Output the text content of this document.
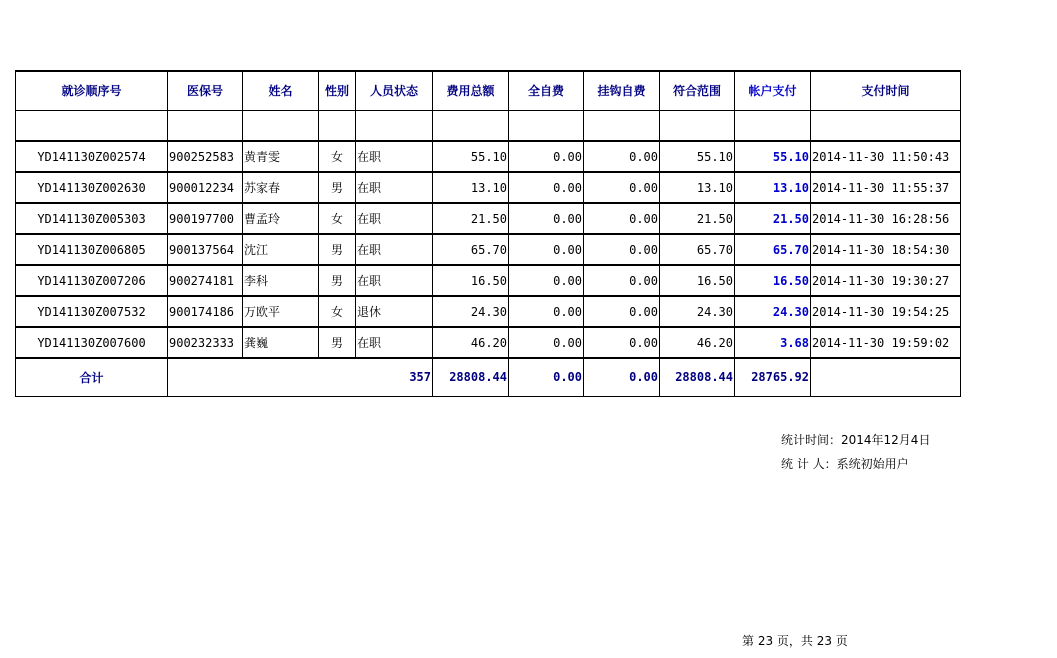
就诊顺序号	医保号	姓名	性别	人员状态	费用总额	全自费	挂钩自费	符合范围	帐户支付	支付时间

YD141130Z002574	900252583	黄青雯	女	在职	55.10	0.00	0.00	55.10	55.10	2014-11-30 11:50:43
YD141130Z002630	900012234	苏家春	男	在职	13.10	0.00	0.00	13.10	13.10	2014-11-30 11:55:37
YD141130Z005303	900197700	曹孟玲	女	在职	21.50	0.00	0.00	21.50	21.50	2014-11-30 16:28:56
YD141130Z006805	900137564	沈江	男	在职	65.70	0.00	0.00	65.70	65.70	2014-11-30 18:54:30
YD141130Z007206	900274181	李科	男	在职	16.50	0.00	0.00	16.50	16.50	2014-11-30 19:30:27
YD141130Z007532	900174186	万欧平	女	退休	24.30	0.00	0.00	24.30	24.30	2014-11-30 19:54:25
YD141130Z007600	900232333	龚巍	男	在职	46.20	0.00	0.00	46.20	3.68	2014-11-30 19:59:02
合计	357				28808.44	0.00	0.00	28808.44	28765.92	
统计时间：2014年12月4日
统 计 人：系统初始用户
第 23 页，共 23 页
